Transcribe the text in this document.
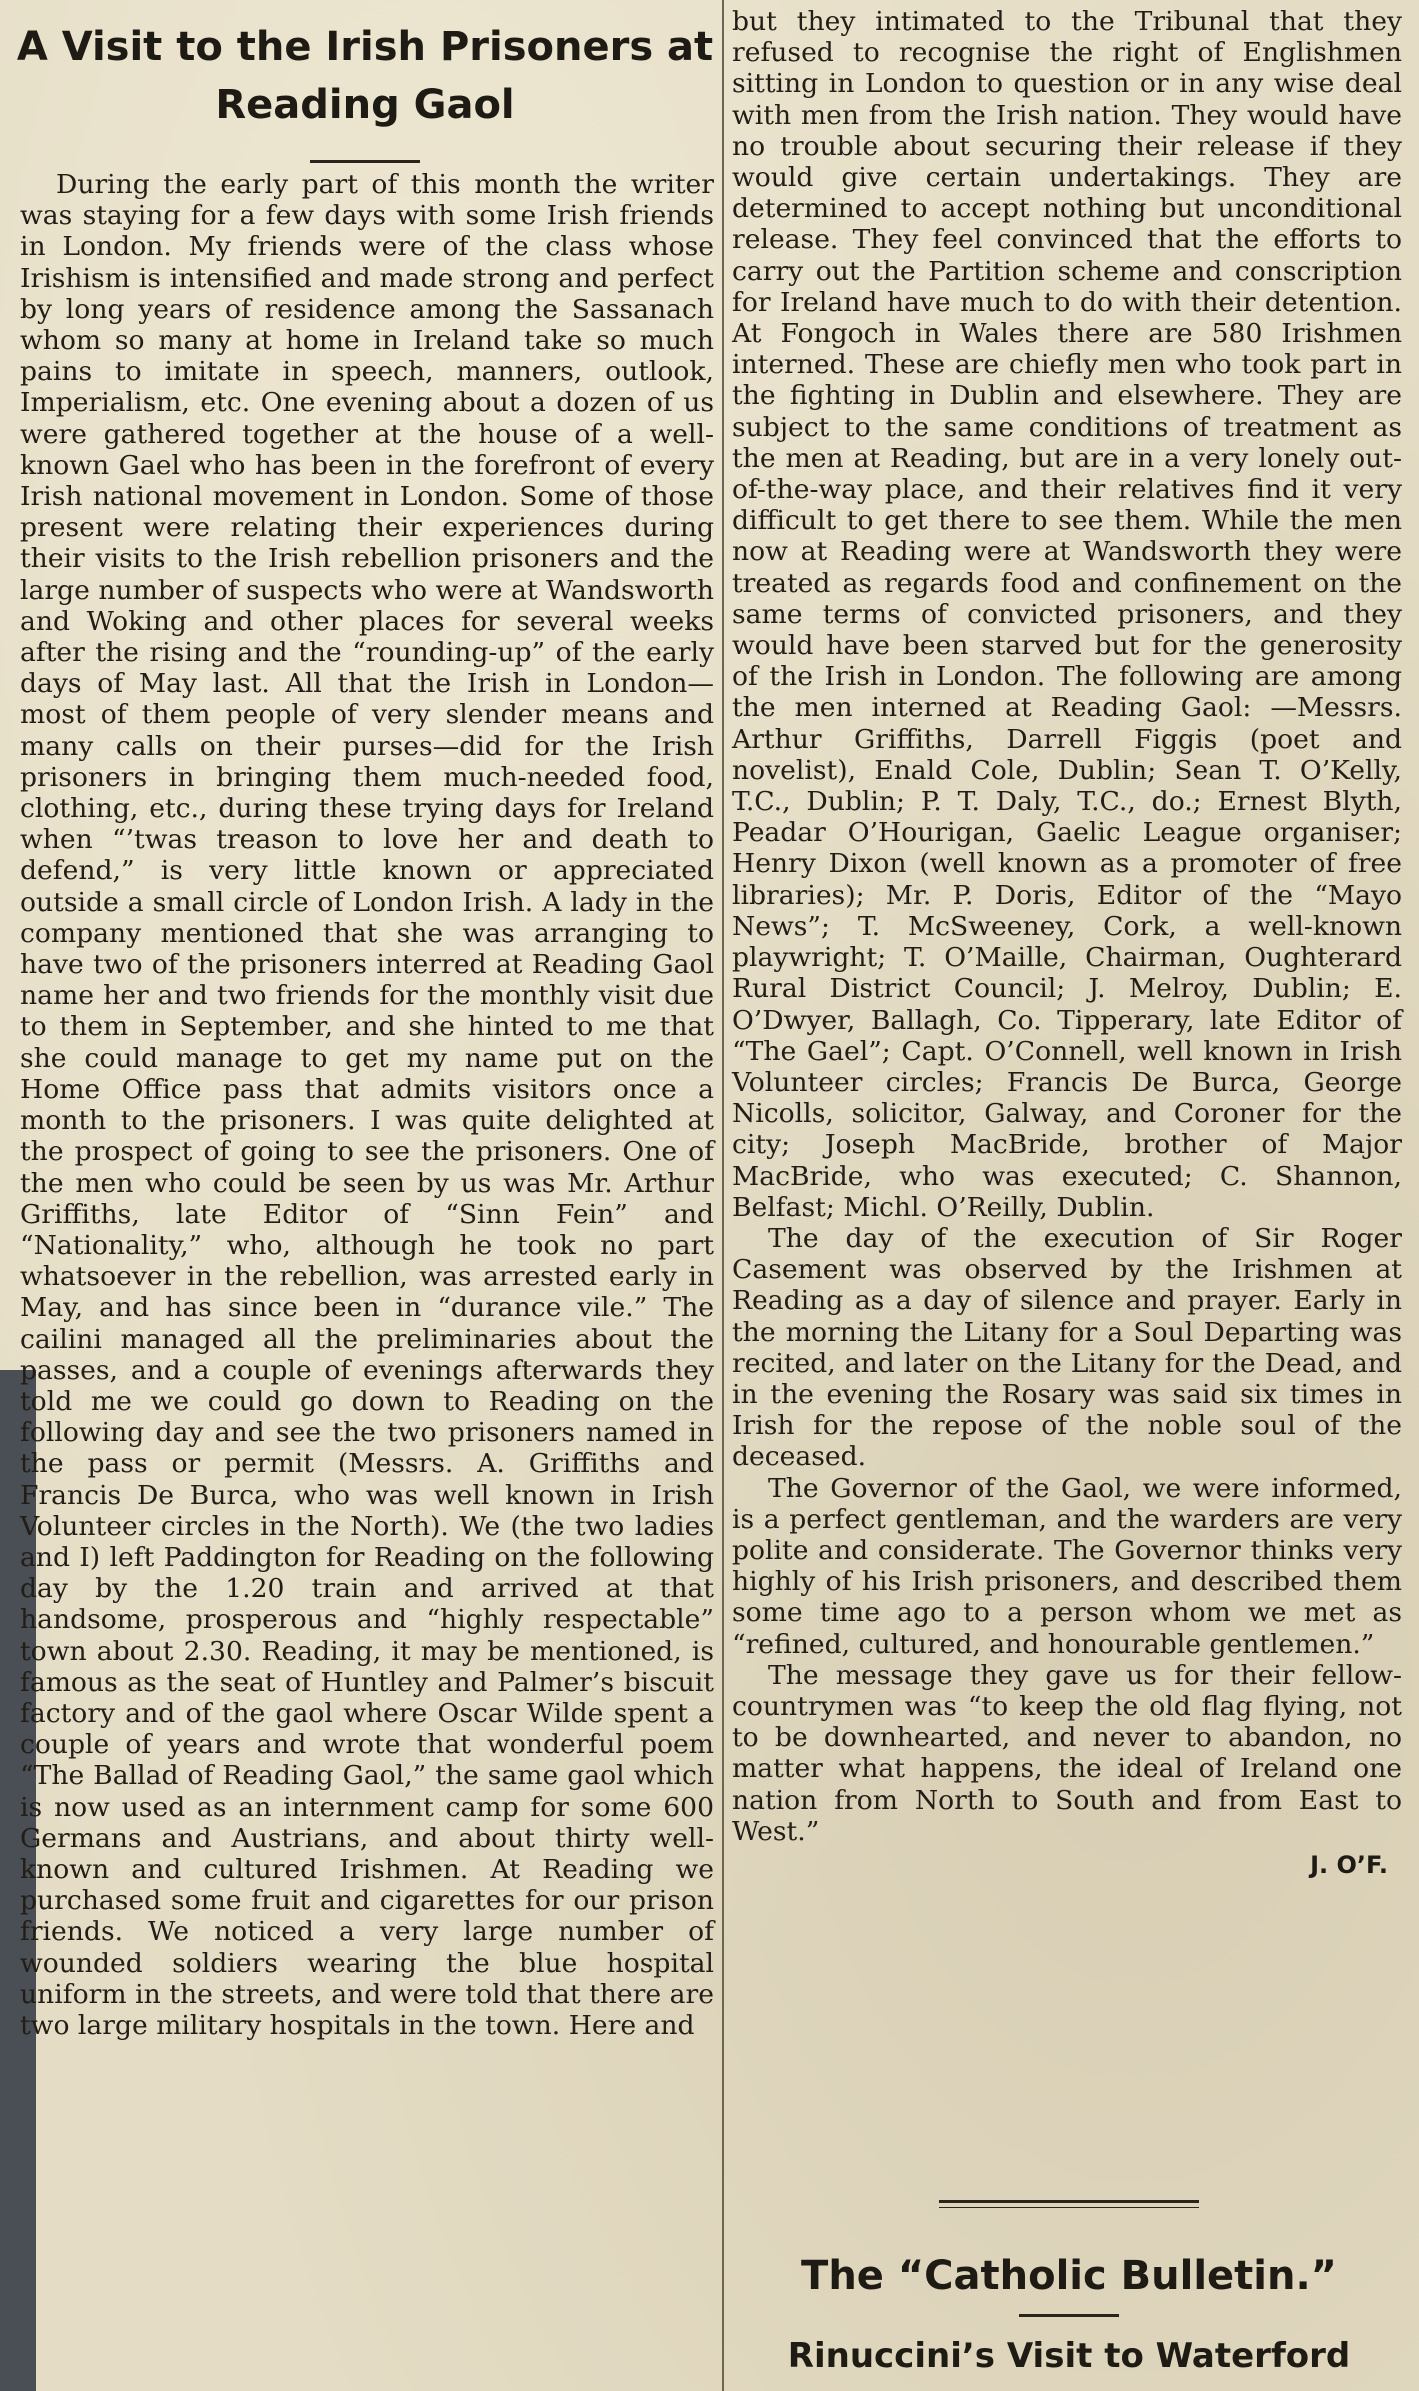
A Visit to the Irish Prisoners at Reading Gaol

During the early part of this month the writer was staying for a few days with some Irish friends in London. My friends were of the class whose Irishism is intensified and made strong and perfect by long years of residence among the Sassanach whom so many at home in Ireland take so much pains to imitate in speech, manners, outlook, Imperialism, etc. One evening about a dozen of us were gathered together at the house of a well-known Gael who has been in the forefront of every Irish national movement in London. Some of those present were relating their experiences during their visits to the Irish rebellion prisoners and the large number of suspects who were at Wandsworth and Woking and other places for several weeks after the rising and the “rounding-up” of the early days of May last. All that the Irish in London—most of them people of very slender means and many calls on their purses—did for the Irish prisoners in bringing them much-needed food, clothing, etc., during these trying days for Ireland when “’twas treason to love her and death to defend,” is very little known or appreciated outside a small circle of London Irish. A lady in the company mentioned that she was arranging to have two of the prisoners interred at Reading Gaol name her and two friends for the monthly visit due to them in September, and she hinted to me that she could manage to get my name put on the Home Office pass that admits visitors once a month to the prisoners. I was quite delighted at the prospect of going to see the prisoners. One of the men who could be seen by us was Mr. Arthur Griffiths, late Editor of “Sinn Fein” and “Nationality,” who, although he took no part whatsoever in the rebellion, was arrested early in May, and has since been in “durance vile.” The cailini managed all the preliminaries about the passes, and a couple of evenings afterwards they told me we could go down to Reading on the following day and see the two prisoners named in the pass or permit (Messrs. A. Griffiths and Francis De Burca, who was well known in Irish Volunteer circles in the North). We (the two ladies and I) left Paddington for Reading on the following day by the 1.20 train and arrived at that handsome, prosperous and “highly respectable” town about 2.30. Reading, it may be mentioned, is famous as the seat of Huntley and Palmer’s biscuit factory and of the gaol where Oscar Wilde spent a couple of years and wrote that wonderful poem “The Ballad of Reading Gaol,” the same gaol which is now used as an internment camp for some 600 Germans and Austrians, and about thirty well-known and cultured Irishmen. At Reading we purchased some fruit and cigarettes for our prison friends. We noticed a very large number of wounded soldiers wearing the blue hospital uniform in the streets, and were told that there are two large military hospitals in the town. Here and

but they intimated to the Tribunal that they refused to recognise the right of Englishmen sitting in London to question or in any wise deal with men from the Irish nation. They would have no trouble about securing their release if they would give certain undertakings. They are determined to accept nothing but unconditional release. They feel convinced that the efforts to carry out the Partition scheme and conscription for Ireland have much to do with their detention. At Fongoch in Wales there are 580 Irishmen interned. These are chiefly men who took part in the fighting in Dublin and elsewhere. They are subject to the same conditions of treatment as the men at Reading, but are in a very lonely out-of-the-way place, and their relatives find it very difficult to get there to see them. While the men now at Reading were at Wandsworth they were treated as regards food and confinement on the same terms of convicted prisoners, and they would have been starved but for the generosity of the Irish in London. The following are among the men interned at Reading Gaol: —Messrs. Arthur Griffiths, Darrell Figgis (poet and novelist), Enald Cole, Dublin; Sean T. O’Kelly, T.C., Dublin; P. T. Daly, T.C., do.; Ernest Blyth, Peadar O’Hourigan, Gaelic League organiser; Henry Dixon (well known as a promoter of free libraries); Mr. P. Doris, Editor of the “Mayo News”; T. McSweeney, Cork, a well-known playwright; T. O’Maille, Chairman, Oughterard Rural District Council; J. Melroy, Dublin; E. O’Dwyer, Ballagh, Co. Tipperary, late Editor of “The Gael”; Capt. O’Connell, well known in Irish Volunteer circles; Francis De Burca, George Nicolls, solicitor, Galway, and Coroner for the city; Joseph MacBride, brother of Major MacBride, who was executed; C. Shannon, Belfast; Michl. O’Reilly, Dublin.

The day of the execution of Sir Roger Casement was observed by the Irishmen at Reading as a day of silence and prayer. Early in the morning the Litany for a Soul Departing was recited, and later on the Litany for the Dead, and in the evening the Rosary was said six times in Irish for the repose of the noble soul of the deceased.

The Governor of the Gaol, we were informed, is a perfect gentleman, and the warders are very polite and considerate. The Governor thinks very highly of his Irish prisoners, and described them some time ago to a person whom we met as “refined, cultured, and honourable gentlemen.”

The message they gave us for their fellow-countrymen was “to keep the old flag flying, not to be downhearted, and never to abandon, no matter what happens, the ideal of Ireland one nation from North to South and from East to West.”

J. O’F.
The “Catholic Bulletin.”
Rinuccini’s Visit to Waterford
